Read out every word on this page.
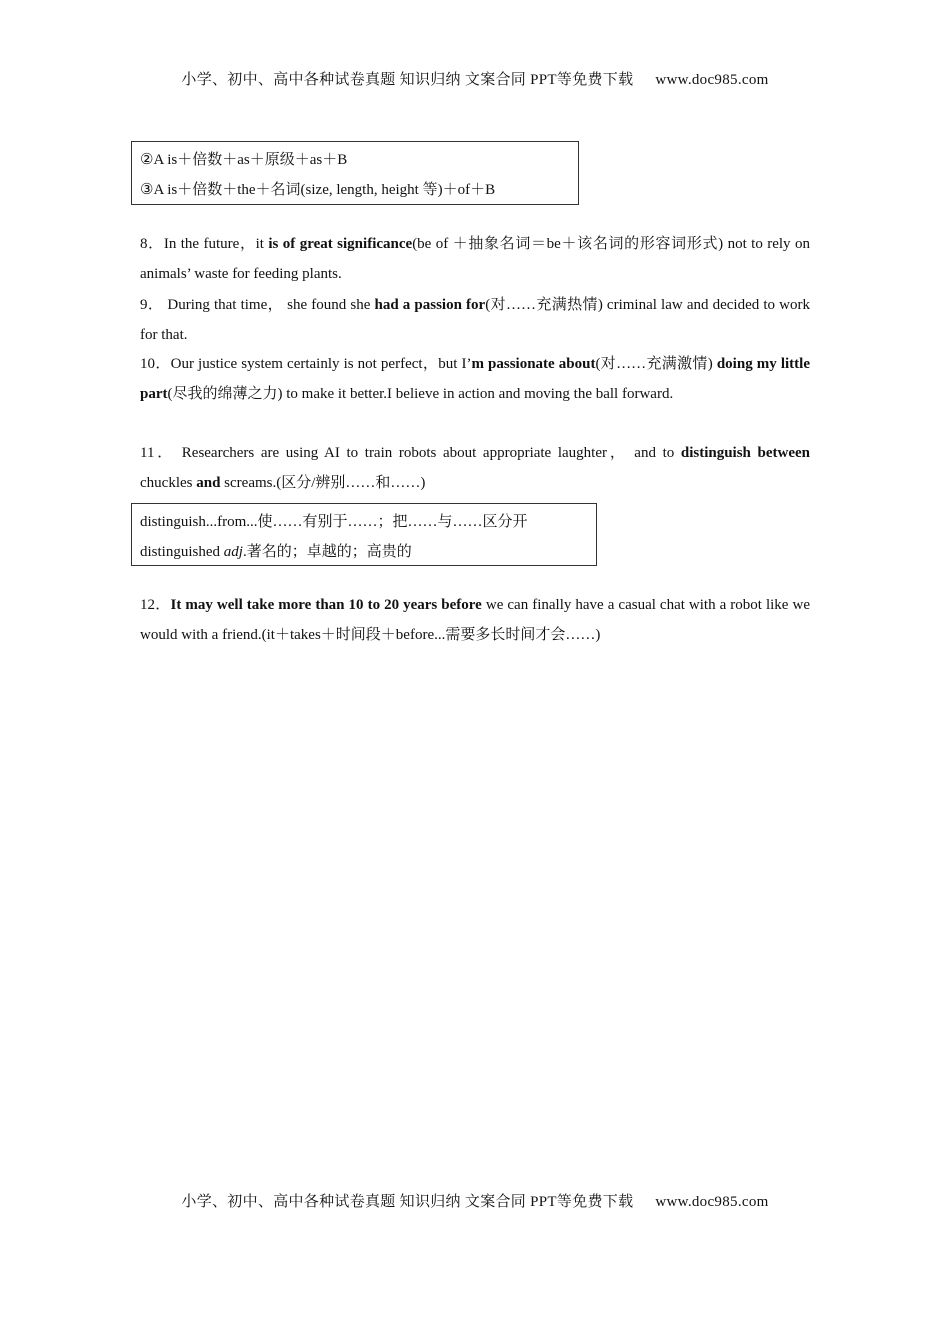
小学、初中、高中各种试卷真题 知识归纳 文案合同 PPT等免费下载 www.doc985.com
②A is＋倍数＋as＋原级＋as＋B
③A is＋倍数＋the＋名词(size, length, height 等)＋of＋B
8．In the future，it is of great significance(be of ＋抽象名词＝be＋该名词的形容词形式) not to rely on animals’ waste for feeding plants.
9． During that time， she found she had a passion for(对……充满热情) criminal law and decided to work for that.
10．Our justice system certainly is not perfect，but I’m passionate about(对……充满激情) doing my little part(尽我的绵薄之力) to make it better.I believe in action and moving the ball forward.
11． Researchers are using AI to train robots about appropriate laughter， and to distinguish between chuckles and screams.(区分/辨别……和……)
distinguish...from...使……有别于……；把……与……区分开
distinguished adj.著名的；卓越的；高贵的
12．It may well take more than 10 to 20 years before we can finally have a casual chat with a robot like we would with a friend.(it＋takes＋时间段＋before...需要多长时间才会……)
小学、初中、高中各种试卷真题 知识归纳 文案合同 PPT等免费下载 www.doc985.com
